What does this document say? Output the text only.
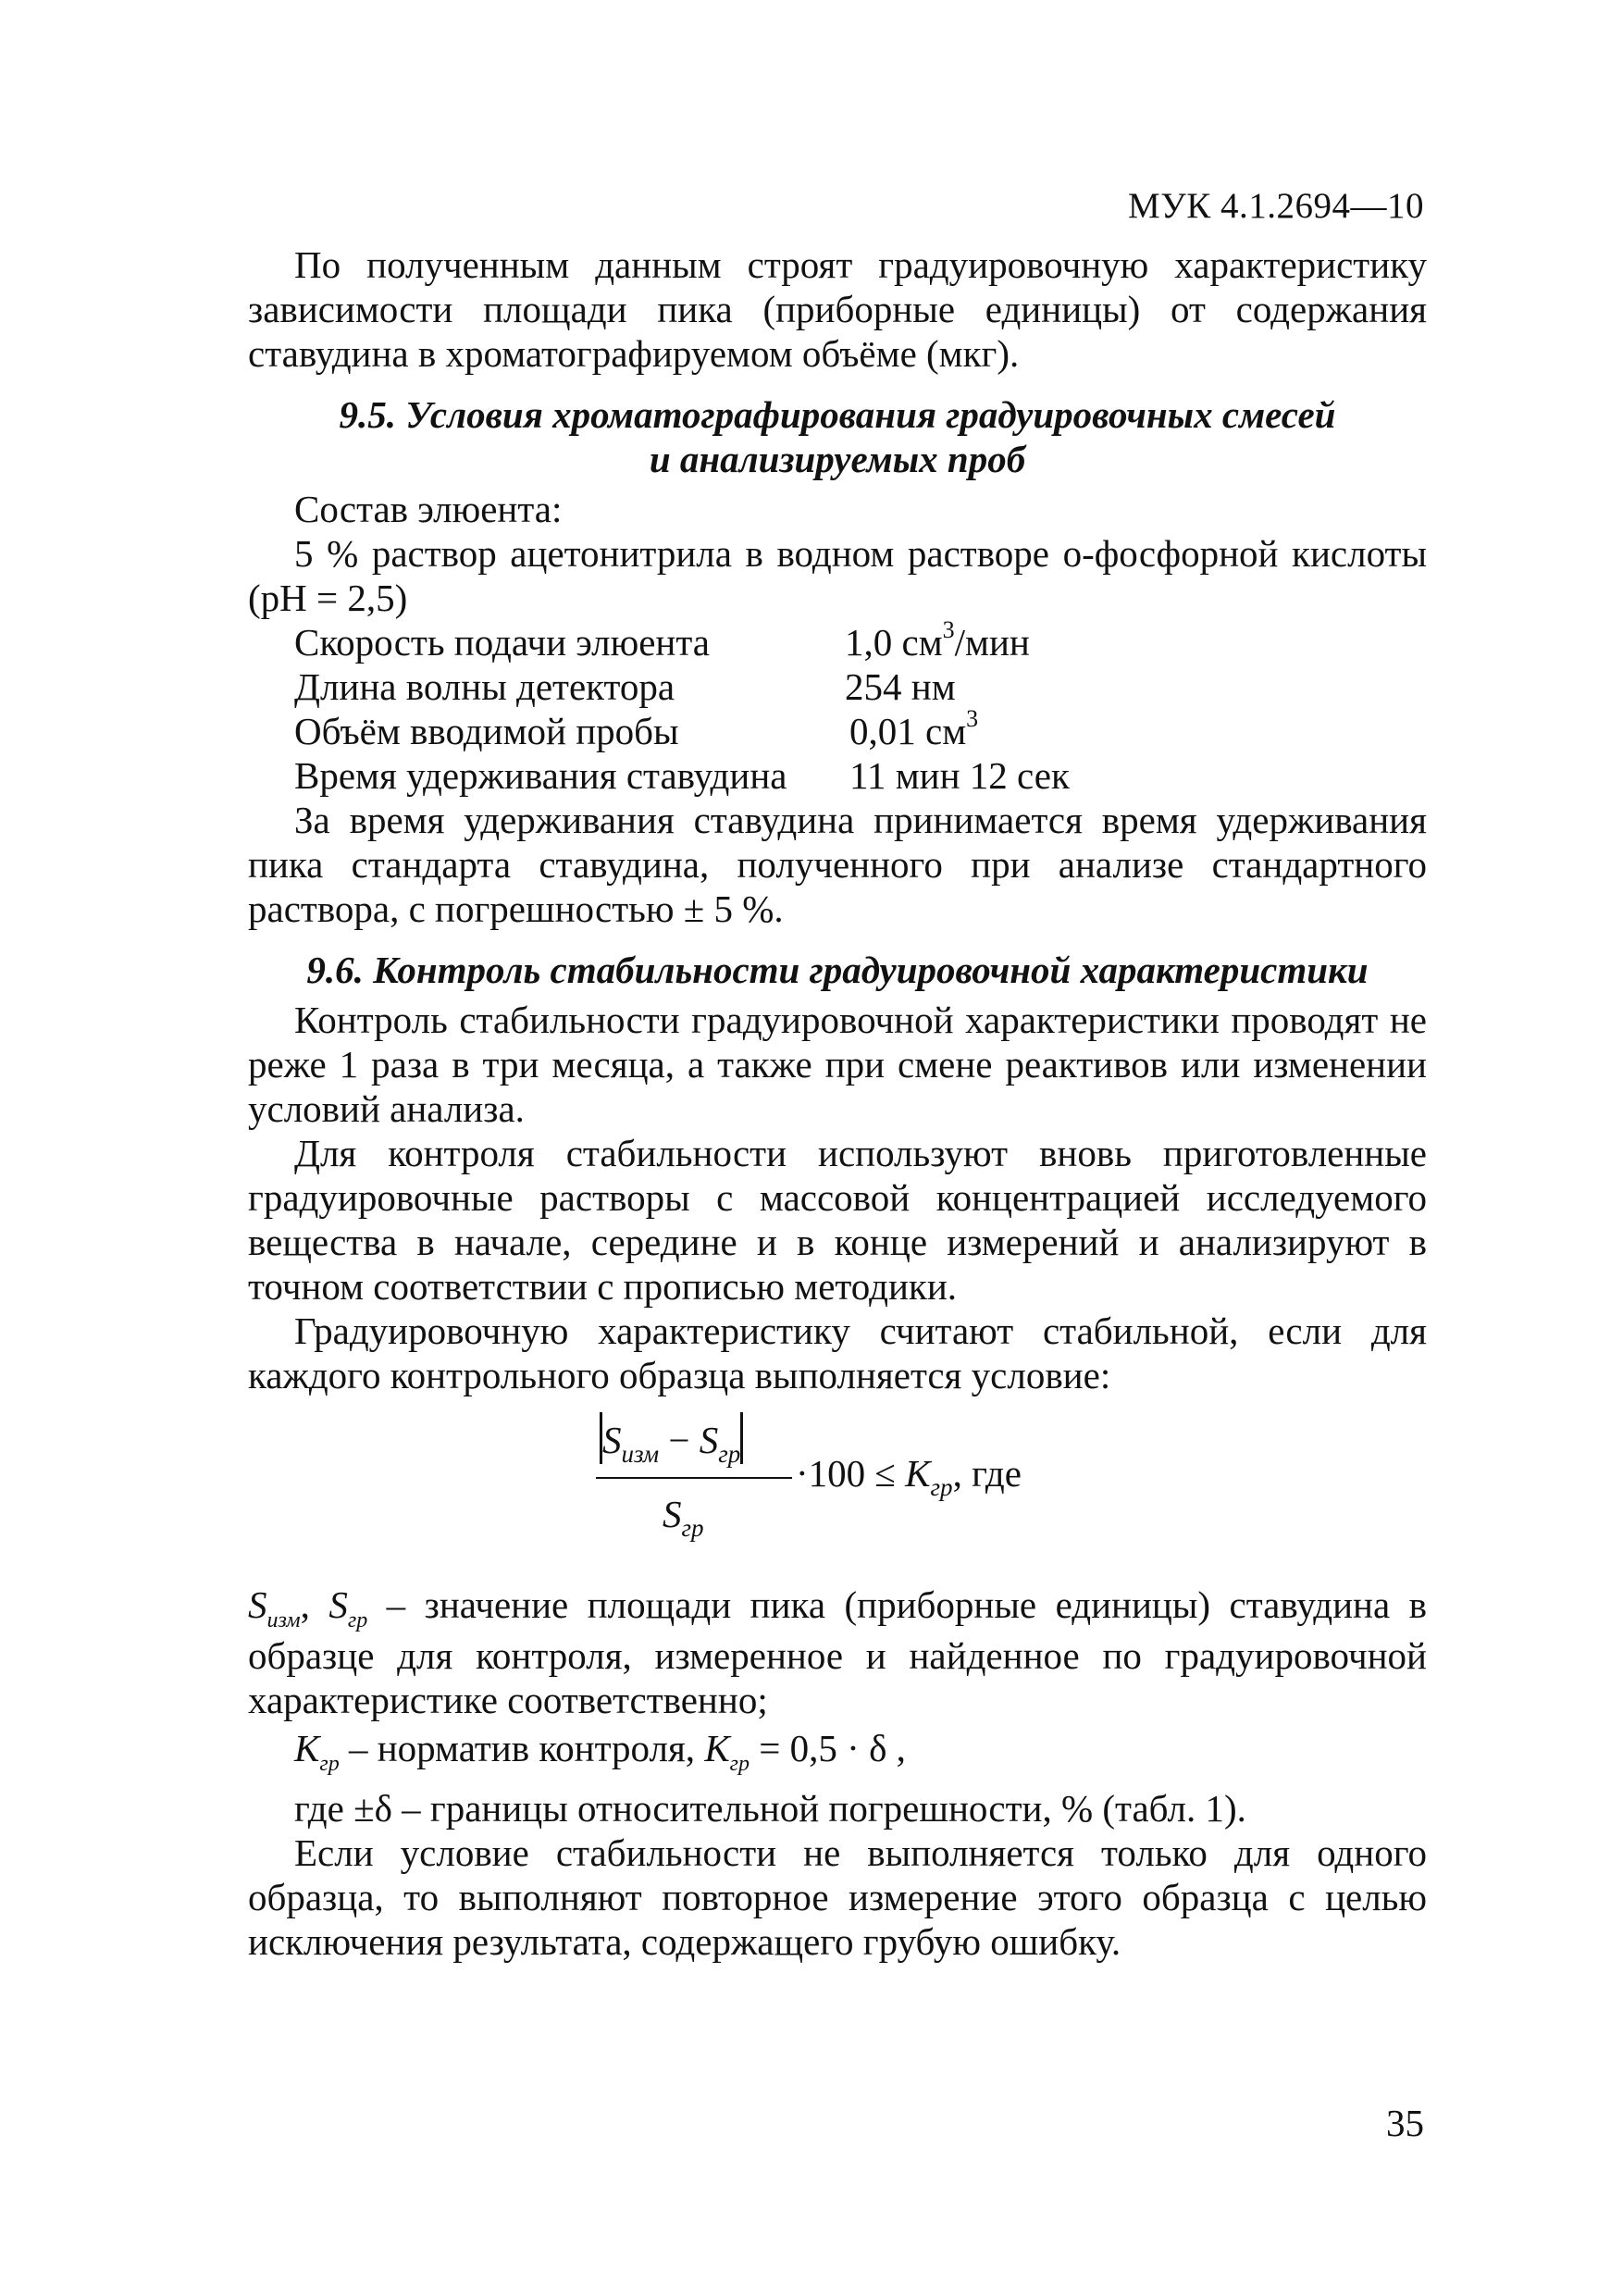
МУК 4.1.2694—10

По полученным данным строят градуировочную характеристику зависимости площади пика (приборные единицы) от содержания ставудина в хроматографируемом объёме (мкг).

9.5. Условия хроматографирования градуировочных смесей

и анализируемых проб

Состав элюента:

5 % раствор ацетонитрила в водном растворе о-фосфорной кислоты (рН = 2,5)

Скорость подачи элюента	1,0 $см^3$/мин
Длина волны детектора	254 нм
Объём вводимой пробы	0,01 $см^3$
Время удерживания ставудина 11 мин 12 сек

За время удерживания ставудина принимается время удерживания пика стандарта ставудина, полученного при анализе стандартного раствора, с погрешностью ± 5 %.

9.6. Контроль стабильности градуировочной характеристики

Контроль стабильности градуировочной характеристики проводят не реже 1 раза в три месяца, а также при смене реактивов или изменении условий анализа.

Для контроля стабильности используют вновь приготовленные градуировочные растворы с массовой концентрацией исследуемого вещества в начале, середине и в конце измерений и анализируют в точном соответствии с прописью методики.

Градуировочную характеристику считают стабильной, если для каждого контрольного образца выполняется условие:

$S_{изм} - S_{гр}$
$S_{гр}$
$\cdot 100 \le K_{гр}$, где

$S_{изм}$, $S_{гр}$ – значение площади пика (приборные единицы) ставудина в образце для контроля, измеренное и найденное по градуировочной характеристике соответственно;

$K_{гр}$ – норматив контроля, $K_{гр} = 0,5 \cdot \delta$ ,

где ±δ – границы относительной погрешности, % (табл. 1).

Если условие стабильности не выполняется только для одного образца, то выполняют повторное измерение этого образца с целью исключения результата, содержащего грубую ошибку.

35
